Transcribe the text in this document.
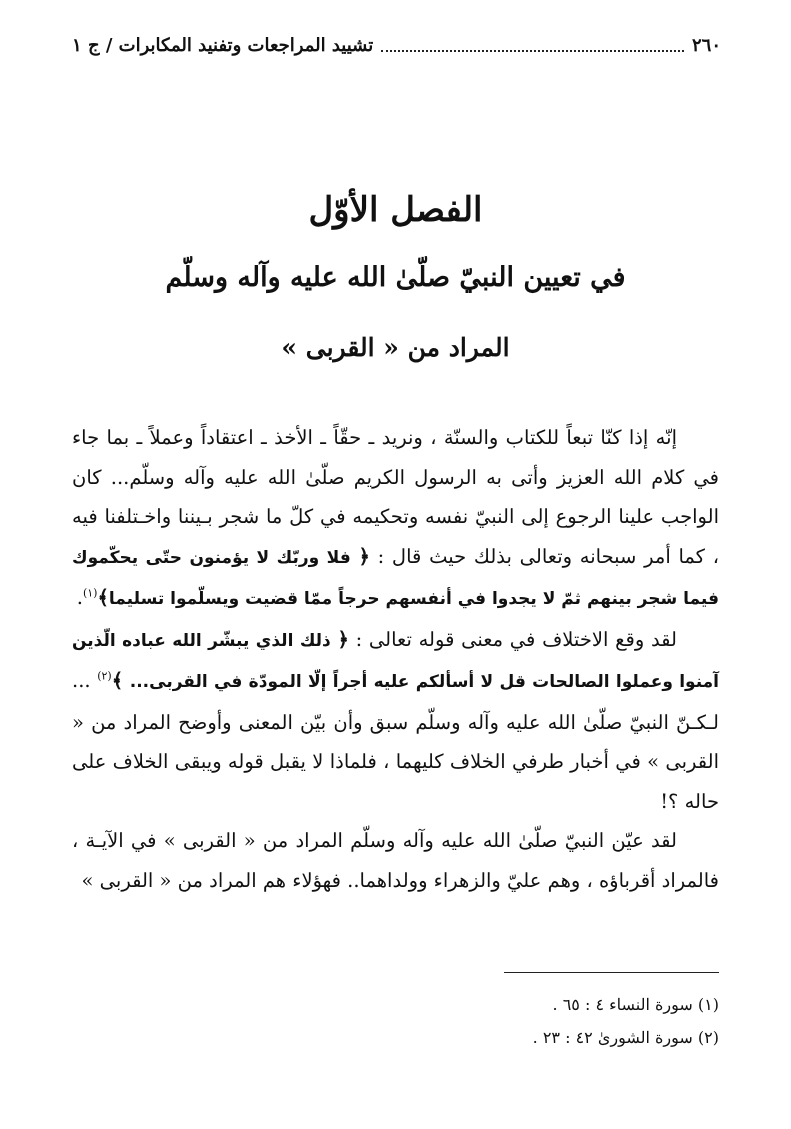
٢٦٠
تشييد المراجعات وتفنيد المكابرات / ج ١
الفصل الأوّل
في تعيين النبيّ صلّىٰ الله عليه وآله وسلّم
المراد من « القربى »

إنّه إذا كنّا تبعاً للكتاب والسنّة ، ونريد ـ حقّاً ـ الأخذ ـ اعتقاداً وعملاً ـ بما جاء في كلام الله العزيز وأتى به الرسول الكريم صلّىٰ الله عليه وآله وسلّم... كان الواجب علينا الرجوع إلى النبيّ نفسه وتحكيمه في كلّ ما شجر بـيننا واخـتلفنا فيه ، كما أمر سبحانه وتعالى بذلك حيث قال : ﴿ فلا وربّك لا يؤمنون حتّى يحكّموك فيما شجر بينهم ثمّ لا يجدوا في أنفسهم حرجاً ممّا قضيت ويسلّموا تسليما﴾$^{(١)}$.

لقد وقع الاختلاف في معنى قوله تعالى : ﴿ ذلك الذي يبشّر الله عباده الّذين آمنوا وعملوا الصالحات قل لا أسألكم عليه أجراً إلّا المودّة في القربى... ﴾$^{(٢)}$ ... لـكـنّ النبيّ صلّىٰ الله عليه وآله وسلّم سبق وأن بيّن المعنى وأوضح المراد من « القربى » في أخبار طرفي الخلاف كليهما ، فلماذا لا يقبل قوله ويبقى الخلاف على حاله ؟!

لقد عيّن النبيّ صلّىٰ الله عليه وآله وسلّم المراد من « القربى » في الآيـة ، فالمراد أقرباؤه ، وهم عليّ والزهراء وولداهما.. فهؤلاء هم المراد من « القربى »

(١) سورة النساء ٤ : ٦٥ .

(٢) سورة الشورىٰ ٤٢ : ٢٣ .
